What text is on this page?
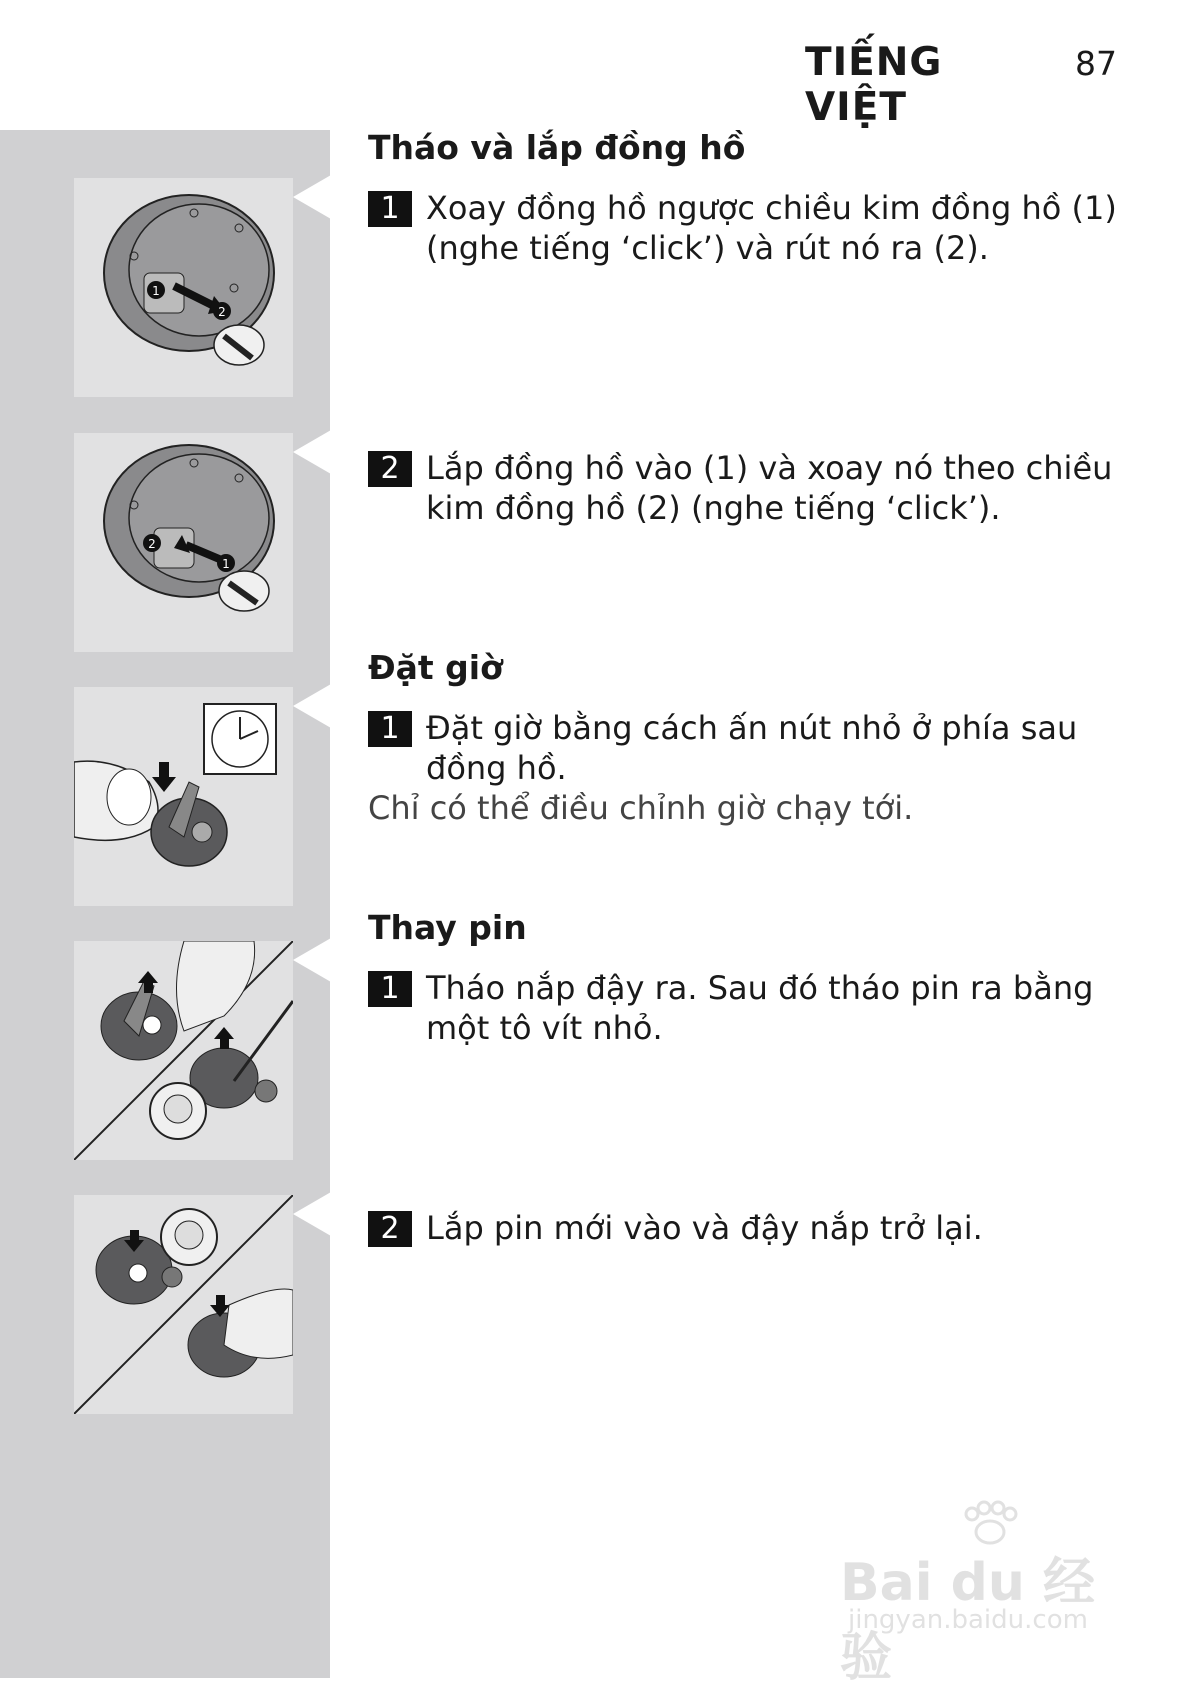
TIẾNG VIỆT
87
1
2
2
1
Tháo và lắp đồng hồ
1 Xoay đồng hồ ngược chiều kim đồng hồ (1) (nghe tiếng ‘click’) và rút nó ra (2).
2 Lắp đồng hồ vào (1) và xoay nó theo chiều kim đồng hồ (2) (nghe tiếng ‘click’).
Đặt giờ
1 Đặt giờ bằng cách ấn nút nhỏ ở phía sau đồng hồ.
Chỉ có thể điều chỉnh giờ chạy tới.
Thay pin
1 Tháo nắp đậy ra. Sau đó tháo pin ra bằng một tô vít nhỏ.
2 Lắp pin mới vào và đậy nắp trở lại.
Bai du 经验
jingyan.baidu.com
